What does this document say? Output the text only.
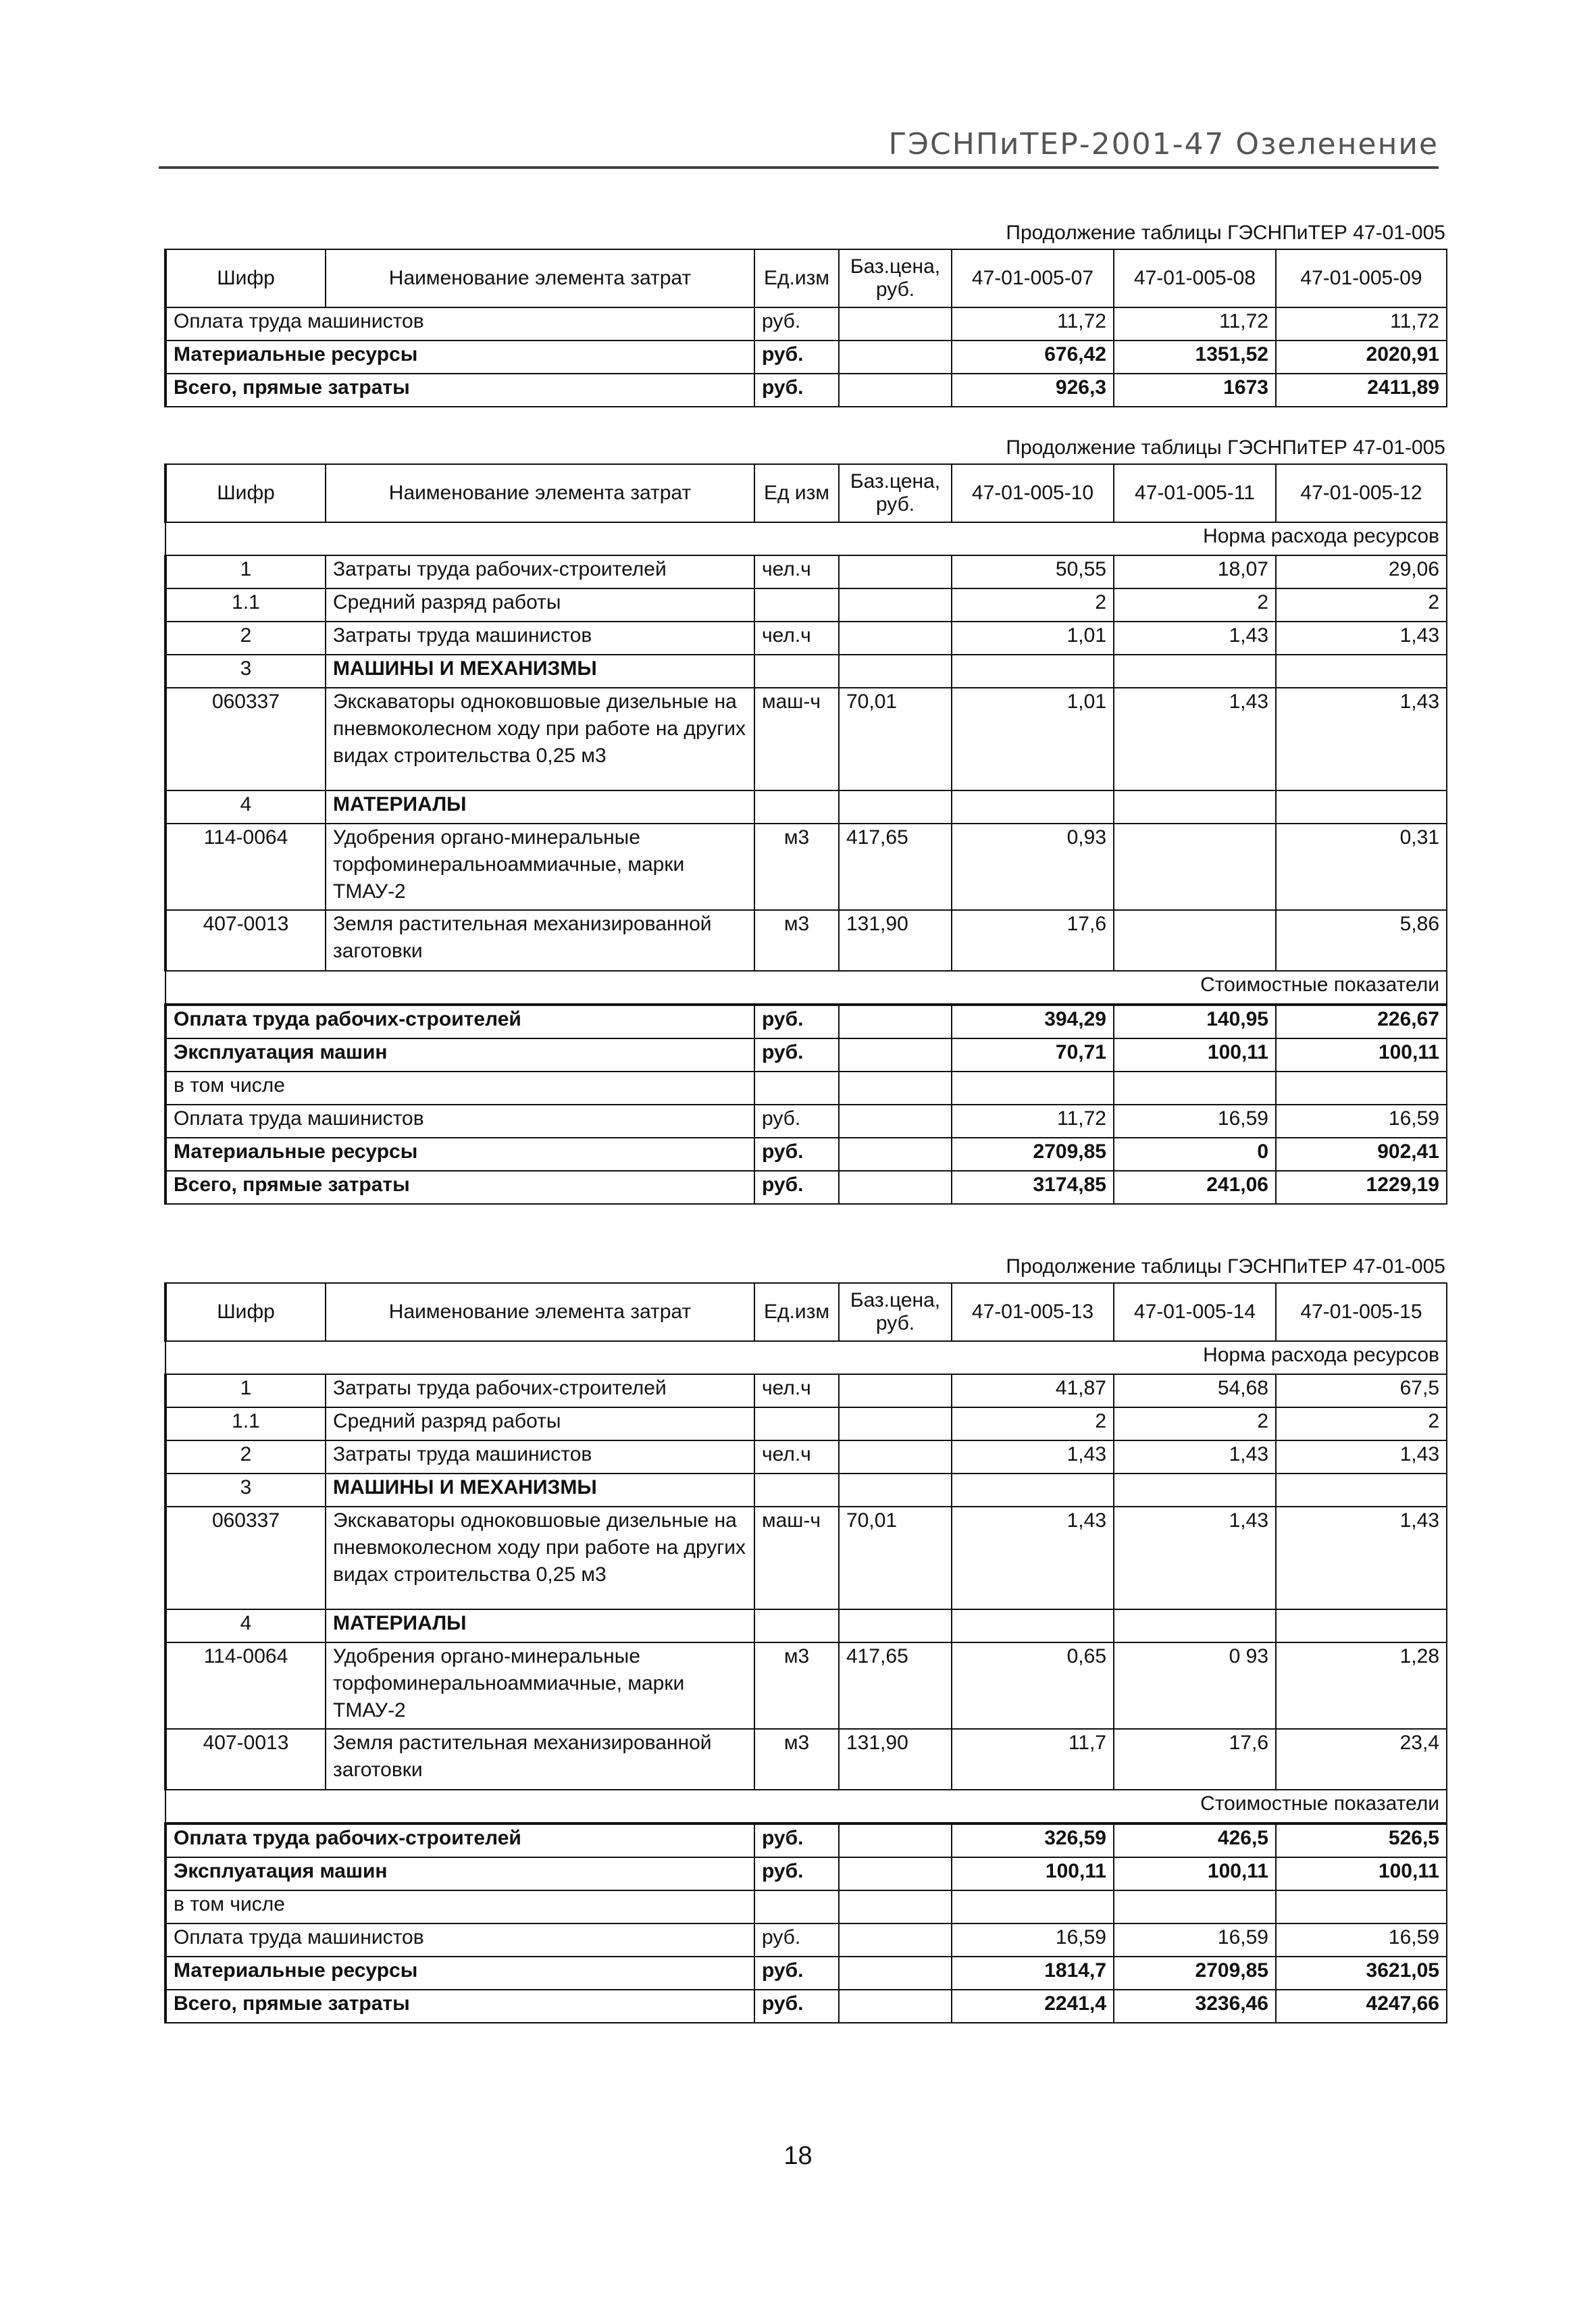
ГЭСНПиТЕР-2001-47 Озеленение
Продолжение таблицы ГЭСНПиТЕР 47-01-005
Шифр	Наименование элемента затрат	Ед.изм	Баз.цена, руб.	47-01-005-07	47-01-005-08	47-01-005-09
Оплата труда машинистов		руб.		11,72	11,72	11,72
Материальные ресурсы		руб.		676,42	1351,52	2020,91
Всего, прямые затраты		руб.		926,3	1673	2411,89
Продолжение таблицы ГЭСНПиТЕР 47-01-005
Шифр	Наименование элемента затрат	Ед изм	Баз.цена, руб.	47-01-005-10	47-01-005-11	47-01-005-12
Норма расхода ресурсов						
1	Затраты труда рабочих-строителей	чел.ч		50,55	18,07	29,06
1.1	Средний разряд работы			2	2	2
2	Затраты труда машинистов	чел.ч		1,01	1,43	1,43
3	МАШИНЫ И МЕХАНИЗМЫ					
060337	Экскаваторы одноковшовые дизельные на пневмоколесном ходу при работе на других видах строительства 0,25 м3	маш-ч	70,01	1,01	1,43	1,43
4	МАТЕРИАЛЫ					
114-0064	Удобрения органо-минеральные торфоминеральноаммиачные, марки ТМАУ-2	м3	417,65	0,93		0,31
407-0013	Земля растительная механизированной заготовки	м3	131,90	17,6		5,86
Стоимостные показатели						
Оплата труда рабочих-строителей		руб.		394,29	140,95	226,67
Эксплуатация машин		руб.		70,71	100,11	100,11
в том числе						
Оплата труда машинистов		руб.		11,72	16,59	16,59
Материальные ресурсы		руб.		2709,85	0	902,41
Всего, прямые затраты		руб.		3174,85	241,06	1229,19
Продолжение таблицы ГЭСНПиТЕР 47-01-005
Шифр	Наименование элемента затрат	Ед.изм	Баз.цена, руб.	47-01-005-13	47-01-005-14	47-01-005-15
Норма расхода ресурсов						
1	Затраты труда рабочих-строителей	чел.ч		41,87	54,68	67,5
1.1	Средний разряд работы			2	2	2
2	Затраты труда машинистов	чел.ч		1,43	1,43	1,43
3	МАШИНЫ И МЕХАНИЗМЫ					
060337	Экскаваторы одноковшовые дизельные на пневмоколесном ходу при работе на других видах строительства 0,25 м3	маш-ч	70,01	1,43	1,43	1,43
4	МАТЕРИАЛЫ					
114-0064	Удобрения органо-минеральные торфоминеральноаммиачные, марки ТМАУ-2	м3	417,65	0,65	0 93	1,28
407-0013	Земля растительная механизированной заготовки	м3	131,90	11,7	17,6	23,4
Стоимостные показатели						
Оплата труда рабочих-строителей		руб.		326,59	426,5	526,5
Эксплуатация машин		руб.		100,11	100,11	100,11
в том числе						
Оплата труда машинистов		руб.		16,59	16,59	16,59
Материальные ресурсы		руб.		1814,7	2709,85	3621,05
Всего, прямые затраты		руб.		2241,4	3236,46	4247,66
18
